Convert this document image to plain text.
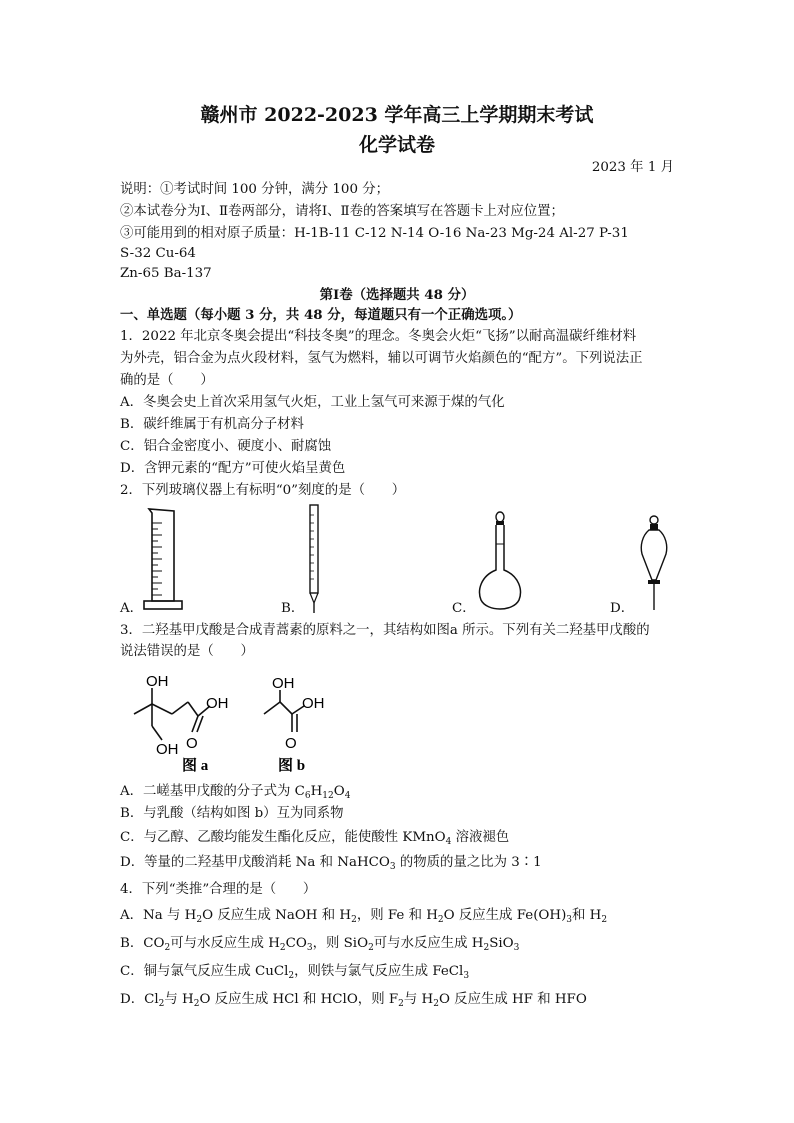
赣州市 2022-2023 学年高三上学期期末考试
化学试卷
2023 年 1 月
说明：①考试时间 100 分钟，满分 100 分；
②本试卷分为Ⅰ、Ⅱ卷两部分，请将Ⅰ、Ⅱ卷的答案填写在答题卡上对应位置；
③可能用到的相对原子质量：H-1B-11 C-12 N-14 O-16 Na-23 Mg-24 Al-27 P-31
S-32 Cu-64
Zn-65 Ba-137
第Ⅰ卷（选择题共 48 分）
一、单选题（每小题 3 分，共 48 分，每道题只有一个正确选项。）
1．2022 年北京冬奥会提出“科技冬奥”的理念。冬奥会火炬“飞扬”以耐高温碳纤维材料
为外壳，铝合金为点火段材料，氢气为燃料，辅以可调节火焰颜色的“配方”。下列说法正
确的是（　　）
A．冬奥会史上首次采用氢气火炬，工业上氢气可来源于煤的气化
B．碳纤维属于有机高分子材料
C．铝合金密度小、硬度小、耐腐蚀
D．含钾元素的“配方”可使火焰呈黄色
2．下列玻璃仪器上有标明“0”刻度的是（　　）
A．	B．	C．	D．
3．二羟基甲戊酸是合成青蒿素的原料之一，其结构如图a 所示。下列有关二羟基甲戊酸的
说法错误的是（　　）
OH
OH
OH O
图 a
OH
OH
O
图 b
A．二嵯基甲戊酸的分子式为 $C_6H_{12}O_4$
B．与乳酸（结构如图 b）互为同系物
C．与乙醇、乙酸均能发生酯化反应，能使酸性 KMnO$_4$ 溶液褪色
D．等量的二羟基甲戊酸消耗 Na 和 NaHCO$_3$ 的物质的量之比为 3∶1
4．下列“类推”合理的是（　　）
A．Na 与 $H_2O$ 反应生成 NaOH 和 $H_2$，则 Fe 和 $H_2O$ 反应生成 $Fe(OH)_3$和 $H_2$
B．$CO_2$可与水反应生成 $H_2CO_3$，则 SiO$_2$可与水反应生成 $H_2SiO_3$
C．铜与氯气反应生成 CuCl$_2$，则铁与氯气反应生成 FeCl$_3$
D．$Cl_2$与 $H_2O$ 反应生成 HCl 和 HClO，则 $F_2$与 $H_2O$ 反应生成 HF 和 HFO
